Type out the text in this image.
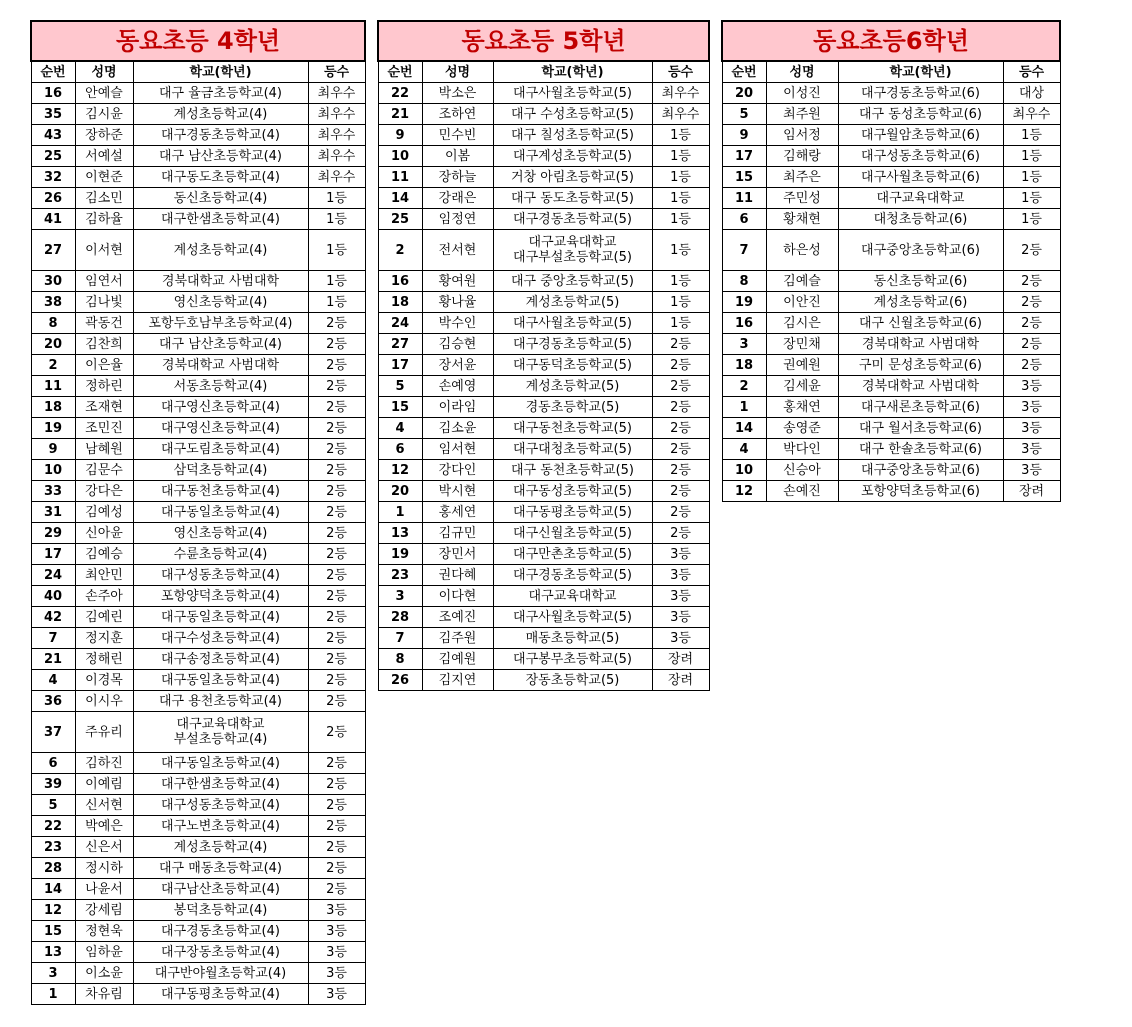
동요초등 4학년			
순번	성명	학교(학년)	등수
16	안예슬	대구 율금초등학교(4)	최우수
35	김시윤	계성초등학교(4)	최우수
43	장하준	대구경동초등학교(4)	최우수
25	서예설	대구 남산초등학교(4)	최우수
32	이현준	대구동도초등학교(4)	최우수
26	김소민	동신초등학교(4)	1등
41	김하율	대구한샘초등학교(4)	1등
27	이서현	계성초등학교(4)	1등
30	임연서	경북대학교 사범대학	1등
38	김나빛	영신초등학교(4)	1등
8	곽동건	포항두호남부초등학교(4)	2등
20	김찬희	대구 남산초등학교(4)	2등
2	이은율	경북대학교 사범대학	2등
11	정하린	서동초등학교(4)	2등
18	조재현	대구영신초등학교(4)	2등
19	조민진	대구영신초등학교(4)	2등
9	남혜원	대구도림초등학교(4)	2등
10	김문수	삼덕초등학교(4)	2등
33	강다은	대구동천초등학교(4)	2등
31	김예성	대구동일초등학교(4)	2등
29	신아윤	영신초등학교(4)	2등
17	김예승	수륜초등학교(4)	2등
24	최안민	대구성동초등학교(4)	2등
40	손주아	포항양덕초등학교(4)	2등
42	김예린	대구동일초등학교(4)	2등
7	정지훈	대구수성초등학교(4)	2등
21	정해린	대구송정초등학교(4)	2등
4	이경목	대구동일초등학교(4)	2등
36	이시우	대구 용천초등학교(4)	2등
37	주유리	대구교육대학교
부설초등학교(4)	2등
6	김하진	대구동일초등학교(4)	2등
39	이예림	대구한샘초등학교(4)	2등
5	신서현	대구성동초등학교(4)	2등
22	박예은	대구노변초등학교(4)	2등
23	신은서	계성초등학교(4)	2등
28	정시하	대구 매동초등학교(4)	2등
14	나윤서	대구남산초등학교(4)	2등
12	강세림	봉덕초등학교(4)	3등
15	정현욱	대구경동초등학교(4)	3등
13	임하윤	대구장동초등학교(4)	3등
3	이소윤	대구반야월초등학교(4)	3등
1	차유림	대구동평초등학교(4)	3등
동요초등 5학년			
순번	성명	학교(학년)	등수
22	박소은	대구사월초등학교(5)	최우수
21	조하연	대구 수성초등학교(5)	최우수
9	민수빈	대구 칠성초등학교(5)	1등
10	이봄	대구계성초등학교(5)	1등
11	장하늘	거창 아림초등학교(5)	1등
14	강래은	대구 동도초등학교(5)	1등
25	임정연	대구경동초등학교(5)	1등
2	전서현	대구교육대학교
대구부설초등학교(5)	1등
16	황여원	대구 중앙초등학교(5)	1등
18	황나율	계성초등학교(5)	1등
24	박수인	대구사월초등학교(5)	1등
27	김승현	대구경동초등학교(5)	2등
17	장서윤	대구동덕초등학교(5)	2등
5	손예영	계성초등학교(5)	2등
15	이라임	경동초등학교(5)	2등
4	김소윤	대구동천초등학교(5)	2등
6	임서현	대구대청초등학교(5)	2등
12	강다인	대구 동천초등학교(5)	2등
20	박시현	대구동성초등학교(5)	2등
1	홍세연	대구동평초등학교(5)	2등
13	김규민	대구신월초등학교(5)	2등
19	장민서	대구만촌초등학교(5)	3등
23	권다혜	대구경동초등학교(5)	3등
3	이다현	대구교육대학교	3등
28	조예진	대구사월초등학교(5)	3등
7	김주원	매동초등학교(5)	3등
8	김예원	대구봉무초등학교(5)	장려
26	김지연	장동초등학교(5)	장려
동요초등6학년			
순번	성명	학교(학년)	등수
20	이성진	대구경동초등학교(6)	대상
5	최주원	대구 동성초등학교(6)	최우수
9	임서정	대구월암초등학교(6)	1등
17	김해랑	대구성동초등학교(6)	1등
15	최주은	대구사월초등학교(6)	1등
11	주민성	대구교육대학교	1등
6	황채현	대청초등학교(6)	1등
7	하은성	대구중앙초등학교(6)	2등
8	김예슬	동신초등학교(6)	2등
19	이안진	계성초등학교(6)	2등
16	김시은	대구 신월초등학교(6)	2등
3	장민채	경북대학교 사범대학	2등
18	권예원	구미 문성초등학교(6)	2등
2	김세윤	경북대학교 사범대학	3등
1	홍채연	대구새론초등학교(6)	3등
14	송영준	대구 월서초등학교(6)	3등
4	박다인	대구 한솔초등학교(6)	3등
10	신승아	대구중앙초등학교(6)	3등
12	손예진	포항양덕초등학교(6)	장려
